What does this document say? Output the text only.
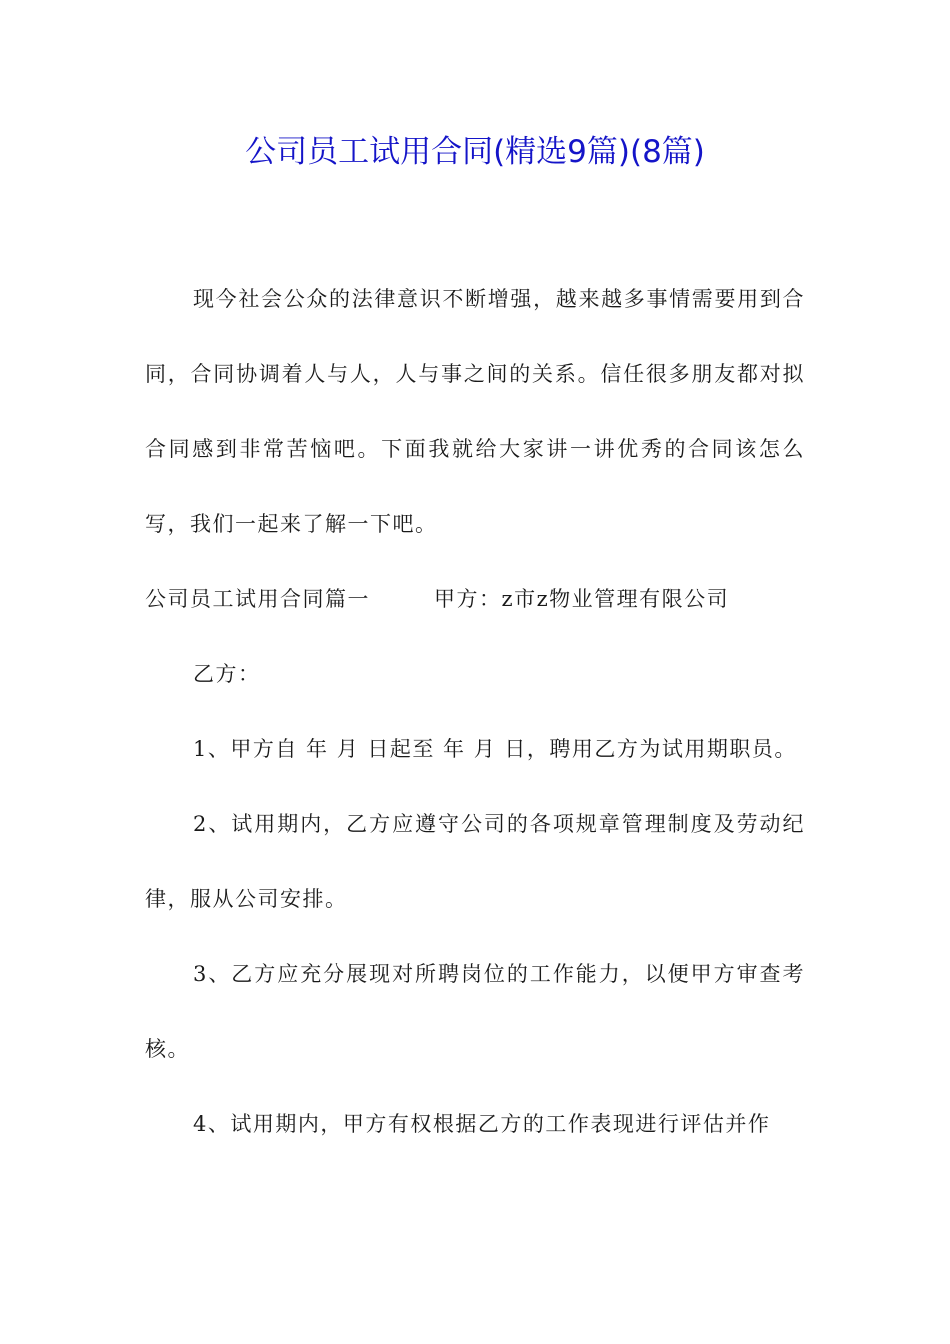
公司员工试用合同(精选9篇)(8篇)

现今社会公众的法律意识不断增强，越来越多事情需要用到合同，合同协调着人与人，人与事之间的关系。信任很多朋友都对拟合同感到非常苦恼吧。下面我就给大家讲一讲优秀的合同该怎么写，我们一起来了解一下吧。

公司员工试用合同篇一	甲方：z市z物业管理有限公司

乙方：

1、甲方自 年 月 日起至 年 月 日，聘用乙方为试用期职员。

2、试用期内，乙方应遵守公司的各项规章管理制度及劳动纪律，服从公司安排。

3、乙方应充分展现对所聘岗位的工作能力，以便甲方审查考核。

4、试用期内，甲方有权根据乙方的工作表现进行评估并作
